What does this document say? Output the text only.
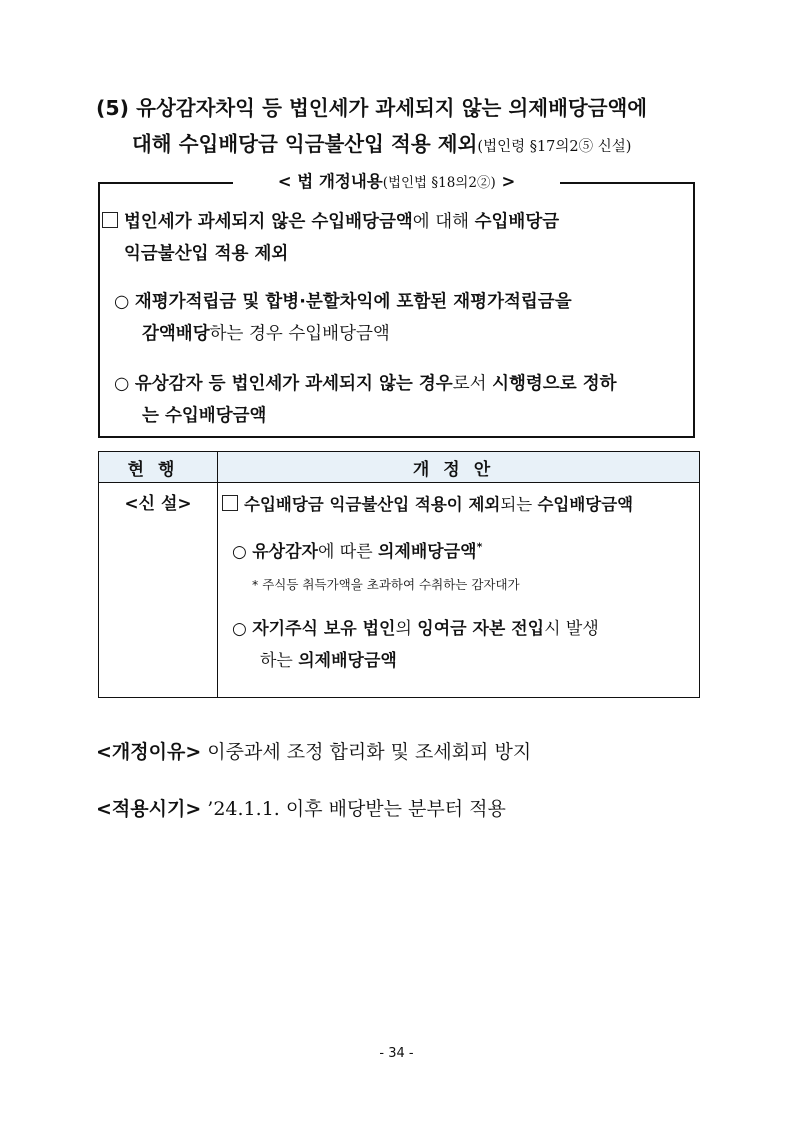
(5) 유상감자차익 등 법인세가 과세되지 않는 의제배당금액에
대해 수입배당금 익금불산입 적용 제외(법인령 §17의2⑤ 신설)
< 법 개정내용(법인법 §18의2②) >
법인세가 과세되지 않은 수입배당금액에 대해 수입배당금
익금불산입 적용 제외
○ 재평가적립금 및 합병·분할차익에 포함된 재평가적립금을
감액배당하는 경우 수입배당금액
○ 유상감자 등 법인세가 과세되지 않는 경우로서 시행령으로 정하
는 수입배당금액
현행	개정안
<신 설>	수입배당금 익금불산입 적용이 제외되는 수입배당금액
○ 유상감자에 따른 의제배당금액*
* 주식등 취득가액을 초과하여 수취하는 감자대가
○ 자기주식 보유 법인의 잉여금 자본 전입시 발생
하는 의제배당금액
<개정이유> 이중과세 조정 합리화 및 조세회피 방지
<적용시기> ’24.1.1. 이후 배당받는 분부터 적용
- 34 -
